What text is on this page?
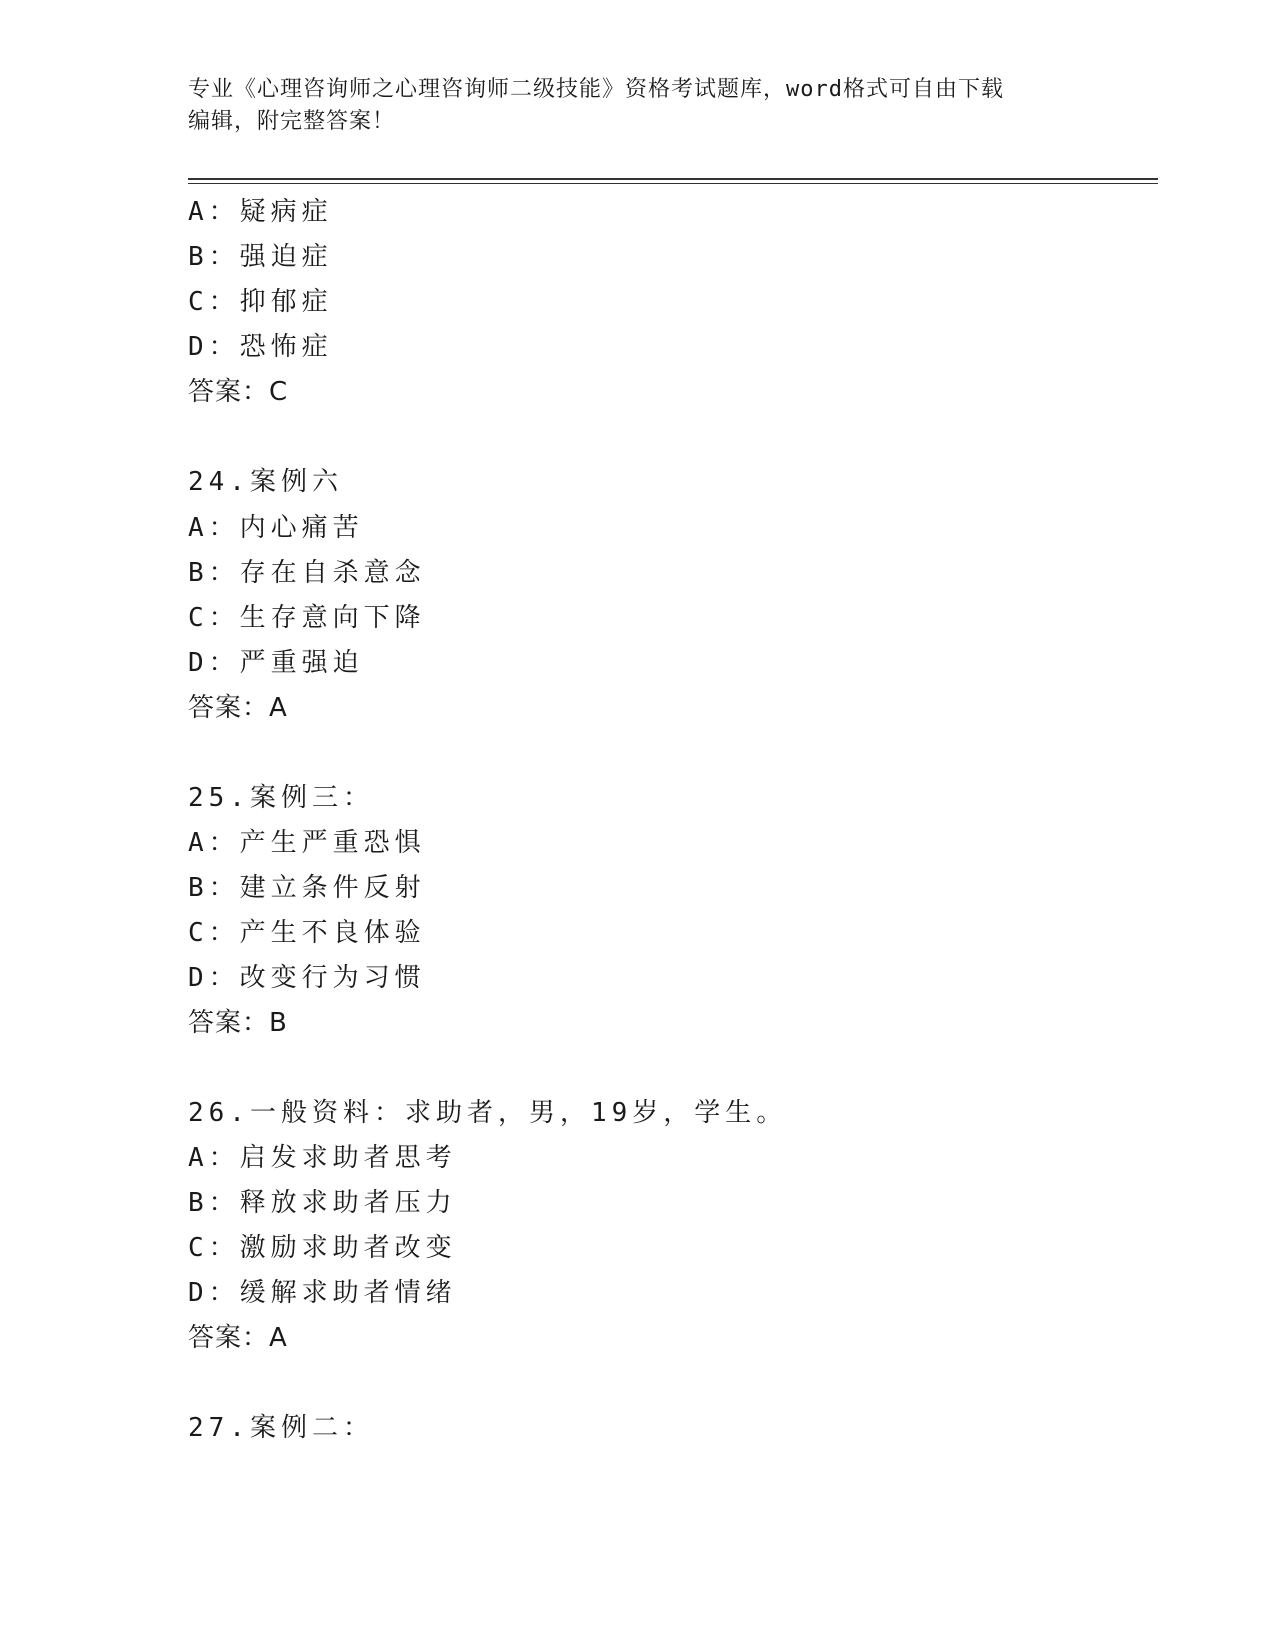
专业《心理咨询师之心理咨询师二级技能》资格考试题库，word格式可自由下载
编辑，附完整答案！
A：疑病症
B：强迫症
C：抑郁症
D：恐怖症
答案：C
24.案例六
A：内心痛苦
B：存在自杀意念
C：生存意向下降
D：严重强迫
答案：A
25.案例三：
A：产生严重恐惧
B：建立条件反射
C：产生不良体验
D：改变行为习惯
答案：B
26.一般资料：求助者，男，19岁，学生。
A：启发求助者思考
B：释放求助者压力
C：激励求助者改变
D：缓解求助者情绪
答案：A
27.案例二：
